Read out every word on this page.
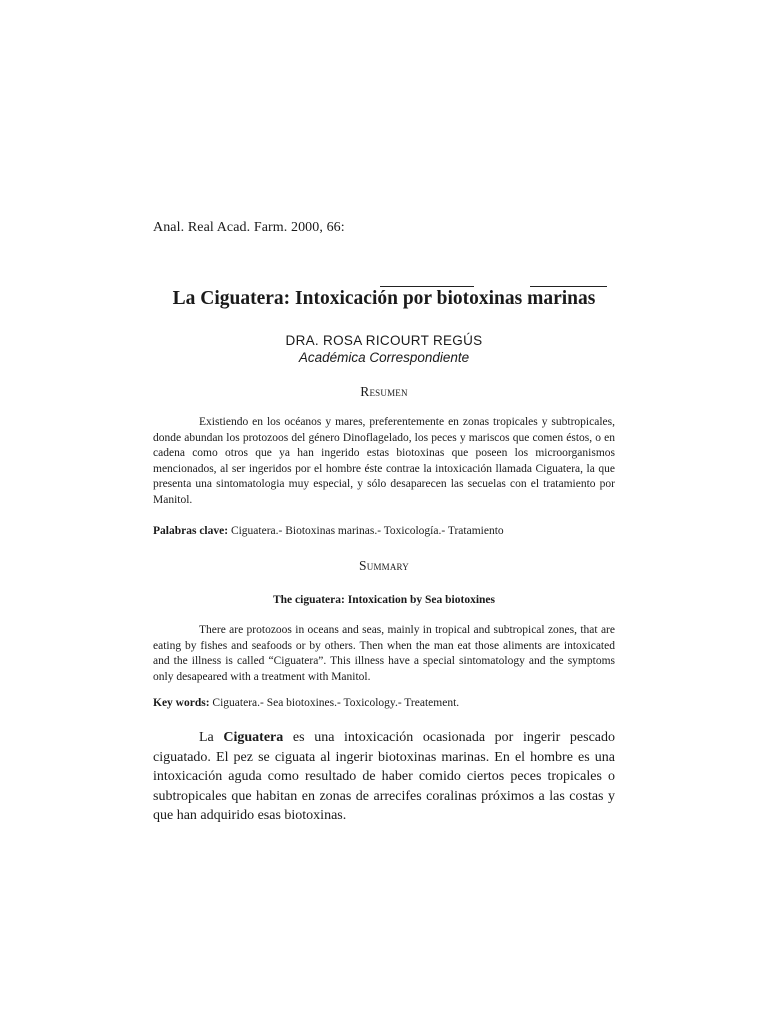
Anal. Real Acad. Farm. 2000, 66:
La Ciguatera: Intoxicación por biotoxinas marinas
DRA. ROSA RICOURT REGÚS
Académica Correspondiente
Resumen

Existiendo en los océanos y mares, preferentemente en zonas tropicales y subtropicales, donde abundan los protozoos del género Dinoflagelado, los peces y mariscos que comen éstos, o en cadena como otros que ya han ingerido estas biotoxinas que poseen los microorganismos mencionados, al ser ingeridos por el hombre éste contrae la intoxicación llamada Ciguatera, la que presenta una sintomatologia muy especial, y sólo desaparecen las secuelas con el tratamiento por Manitol.

Palabras clave: Ciguatera.- Biotoxinas marinas.- Toxicología.- Tratamiento

Summary
The ciguatera: Intoxication by Sea biotoxines

There are protozoos in oceans and seas, mainly in tropical and subtropical zones, that are eating by fishes and seafoods or by others. Then when the man eat those aliments are intoxicated and the illness is called “Ciguatera”. This illness have a special sintomatology and the symptoms only desapeared with a treatment with Manitol.

Key words: Ciguatera.- Sea biotoxines.- Toxicology.- Treatement.

La Ciguatera es una intoxicación ocasionada por ingerir pescado ciguatado. El pez se ciguata al ingerir biotoxinas marinas. En el hombre es una intoxicación aguda como resultado de haber comido ciertos peces tropicales o subtropicales que habitan en zonas de arrecifes coralinas próximos a las costas y que han adquirido esas biotoxinas.
